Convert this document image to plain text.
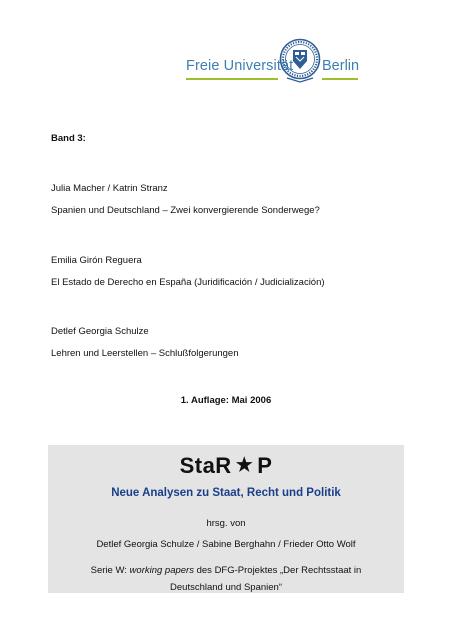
Freie Universität Berlin
Band 3:
Julia Macher / Katrin Stranz
Spanien und Deutschland – Zwei konvergierende Sonderwege?
Emilia Girón Reguera
El Estado de Derecho en España (Juridificación / Judicialización)
Detlef Georgia Schulze
Lehren und Leerstellen – Schlußfolgerungen
1. Auflage: Mai 2006
StaR ★ P
Neue Analysen zu Staat, Recht und Politik
hrsg. von
Detlef Georgia Schulze / Sabine Berghahn / Frieder Otto Wolf
Serie W: working papers des DFG-Projektes „Der Rechtsstaat in
Deutschland und Spanien“
